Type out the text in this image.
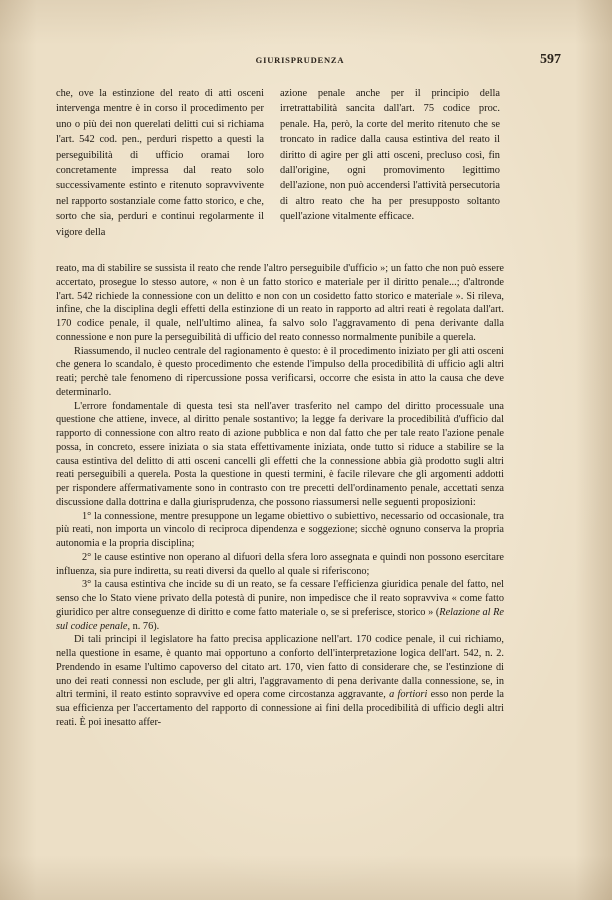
GIURISPRUDENZA	597

che, ove la estinzione del reato di atti osceni intervenga mentre è in corso il procedimento per uno o più dei non querelati delitti cui si richiama l'art. 542 cod. pen., perduri rispetto a questi la perseguibilità di ufficio oramai loro concretamente impressa dal reato solo successivamente estinto e ritenuto sopravvivente nel rapporto sostanziale come fatto storico, e che, sorto che sia, perduri e continui regolarmente il vigore della

azione penale anche per il principio della irretrattabilità sancita dall'art. 75 codice proc. penale. Ha, però, la corte del merito ritenuto che se troncato in radice dalla causa estintiva del reato il diritto di agire per gli atti osceni, precluso così, fin dall'origine, ogni promovimento legittimo dell'azione, non può accendersi l'attività persecutoria di altro reato che ha per presupposto soltanto quell'azione vitalmente efficace.

reato, ma di stabilire se sussista il reato che rende l'altro perseguibile d'ufficio »; un fatto che non può essere accertato, prosegue lo stesso autore, « non è un fatto storico e materiale per il diritto penale...; d'altronde l'art. 542 richiede la connessione con un delitto e non con un cosidetto fatto storico e materiale ». Si rileva, infine, che la disciplina degli effetti della estinzione di un reato in rapporto ad altri reati è regolata dall'art. 170 codice penale, il quale, nell'ultimo alinea, fa salvo solo l'aggravamento di pena derivante dalla connessione e non pure la perseguibilità di ufficio del reato connesso normalmente punibile a querela.

Riassumendo, il nucleo centrale del ragionamento è questo: è il procedimento iniziato per gli atti osceni che genera lo scandalo, è questo procedimento che estende l'impulso della procedibilità di ufficio agli altri reati; perchè tale fenomeno di ripercussione possa verificarsi, occorre che esista in atto la causa che deve determinarlo.

L'errore fondamentale di questa tesi sta nell'aver trasferito nel campo del diritto processuale una questione che attiene, invece, al diritto penale sostantivo; la legge fa derivare la procedibilità d'ufficio dal rapporto di connessione con altro reato di azione pubblica e non dal fatto che per tale reato l'azione penale possa, in concreto, essere iniziata o sia stata effettivamente iniziata, onde tutto si riduce a stabilire se la causa estintiva del delitto di atti osceni cancelli gli effetti che la connessione abbia già prodotto sugli altri reati perseguibili a querela. Posta la questione in questi termini, è facile rilevare che gli argomenti addotti per rispondere affermativamente sono in contrasto con tre precetti dell'ordinamento penale, accettati senza discussione dalla dottrina e dalla giurisprudenza, che possono riassumersi nelle seguenti proposizioni:

1° la connessione, mentre presuppone un legame obiettivo o subiettivo, necessario od occasionale, tra più reati, non importa un vincolo di reciproca dipendenza e soggezione; sicchè ognuno conserva la propria autonomia e la propria disciplina;

2° le cause estintive non operano al difuori della sfera loro assegnata e quindi non possono esercitare influenza, sia pure indiretta, su reati diversi da quello al quale si riferiscono;

3° la causa estintiva che incide su di un reato, se fa cessare l'efficienza giuridica penale del fatto, nel senso che lo Stato viene privato della potestà di punire, non impedisce che il reato sopravviva « come fatto giuridico per altre conseguenze di diritto e come fatto materiale o, se si preferisce, storico » (Relazione al Re sul codice penale, n. 76).

Di tali principi il legislatore ha fatto precisa applicazione nell'art. 170 codice penale, il cui richiamo, nella questione in esame, è quanto mai opportuno a conforto dell'interpretazione logica dell'art. 542, n. 2. Prendendo in esame l'ultimo capoverso del citato art. 170, vien fatto di considerare che, se l'estinzione di uno dei reati connessi non esclude, per gli altri, l'aggravamento di pena derivante dalla connessione, se, in altri termini, il reato estinto sopravvive ed opera come circostanza aggravante, a fortiori esso non perde la sua efficienza per l'accertamento del rapporto di connessione ai fini della procedibilità di ufficio degli altri reati. È poi inesatto affer-
